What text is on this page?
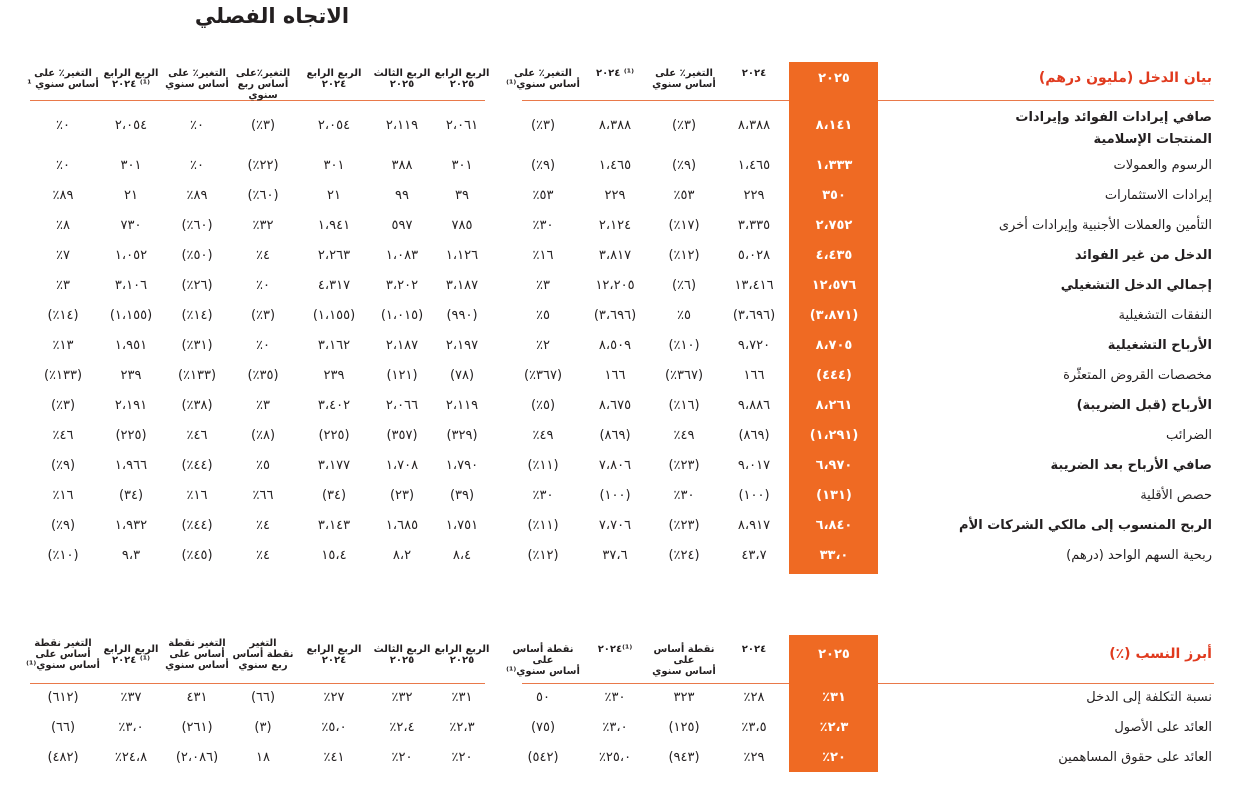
الاتجاه الفصلي
بيان الدخل (مليون درهم)
٢٠٢٥
٢٠٢٤
التغير٪ على
أساس سنوي
٢٠٢٤ ⁽¹⁾
التغير٪ على
أساس سنوي⁽¹⁾
الربع الرابع
٢٠٢٥
الربع الثالث
٢٠٢٥
الربع الرابع
٢٠٢٤
التغير٪على
أساس ربع سنوي
التغير٪ على
أساس سنوي
الربع الرابع
٢٠٢٤ ⁽¹⁾
التغير٪ على
أساس سنوي ¹
صافي إيرادات الفوائد وإيرادات المنتجات الإسلامية
٨،١٤١
٨،٣٨٨
(٪٣)
٨،٣٨٨
(٪٣)
٢،٠٦١
٢،١١٩
٢،٠٥٤
(٪٣)
٪٠
٢،٠٥٤
٪٠
الرسوم والعمولات
١،٣٣٣
١،٤٦٥
(٪٩)
١،٤٦٥
(٪٩)
٣٠١
٣٨٨
٣٠١
(٪٢٢)
٪٠
٣٠١
٪٠
إيرادات الاستثمارات
٣٥٠
٢٢٩
٪٥٣
٢٢٩
٪٥٣
٣٩
٩٩
٢١
(٪٦٠)
٪٨٩
٢١
٪٨٩
التأمين والعملات الأجنبية وإيرادات أخرى
٢،٧٥٢
٣،٣٣٥
(٪١٧)
٢،١٢٤
٪٣٠
٧٨٥
٥٩٧
١،٩٤١
٪٣٢
(٪٦٠)
٧٣٠
٪٨
الدخل من غير الفوائد
٤،٤٣٥
٥،٠٢٨
(٪١٢)
٣،٨١٧
٪١٦
١،١٢٦
١،٠٨٣
٢،٢٦٣
٪٤
(٪٥٠)
١،٠٥٢
٪٧
إجمالي الدخل التشغيلي
١٢،٥٧٦
١٣،٤١٦
(٪٦)
١٢،٢٠٥
٪٣
٣،١٨٧
٣،٢٠٢
٤،٣١٧
٪٠
(٪٢٦)
٣،١٠٦
٪٣
النفقات التشغيلية
(٣،٨٧١)
(٣،٦٩٦)
٪٥
(٣،٦٩٦)
٪٥
(٩٩٠)
(١،٠١٥)
(١،١٥٥)
(٪٣)
(٪١٤)
(١،١٥٥)
(٪١٤)
الأرباح التشغيلية
٨،٧٠٥
٩،٧٢٠
(٪١٠)
٨،٥٠٩
٪٢
٢،١٩٧
٢،١٨٧
٣،١٦٢
٪٠
(٪٣١)
١،٩٥١
٪١٣
مخصصات القروض المتعثّرة
(٤٤٤)
١٦٦
(٪٣٦٧)
١٦٦
(٪٣٦٧)
(٧٨)
(١٢١)
٢٣٩
(٪٣٥)
(٪١٣٣)
٢٣٩
(٪١٣٣)
الأرباح (قبل الضريبة)
٨،٢٦١
٩،٨٨٦
(٪١٦)
٨،٦٧٥
(٪٥)
٢،١١٩
٢،٠٦٦
٣،٤٠٢
٪٣
(٪٣٨)
٢،١٩١
(٪٣)
الضرائب
(١،٢٩١)
(٨٦٩)
٪٤٩
(٨٦٩)
٪٤٩
(٣٢٩)
(٣٥٧)
(٢٢٥)
(٪٨)
٪٤٦
(٢٢٥)
٪٤٦
صافي الأرباح بعد الضريبة
٦،٩٧٠
٩،٠١٧
(٪٢٣)
٧،٨٠٦
(٪١١)
١،٧٩٠
١،٧٠٨
٣،١٧٧
٪٥
(٪٤٤)
١،٩٦٦
(٪٩)
حصص الأقلية
(١٣١)
(١٠٠)
٪٣٠
(١٠٠)
٪٣٠
(٣٩)
(٢٣)
(٣٤)
٪٦٦
٪١٦
(٣٤)
٪١٦
الربح المنسوب إلى مالكي الشركات الأم
٦،٨٤٠
٨،٩١٧
(٪٢٣)
٧،٧٠٦
(٪١١)
١،٧٥١
١،٦٨٥
٣،١٤٣
٪٤
(٪٤٤)
١،٩٣٢
(٪٩)
ربحية السهم الواحد (درهم)
٣٣،٠
٤٣،٧
(٪٢٤)
٣٧،٦
(٪١٢)
٨،٤
٨،٢
١٥،٤
٪٤
(٪٤٥)
٩،٣
(٪١٠)
أبرز النسب (٪)
٢٠٢٥
٢٠٢٤
نقطة أساس على
أساس سنوي
٢٠٢٤⁽¹⁾
نقطة أساس على
أساس سنوي⁽¹⁾
الربع الرابع
٢٠٢٥
الربع الثالث
٢٠٢٥
الربع الرابع
٢٠٢٤
التغير
نقطة أساس
ربع سنوي
التغير نقطة
أساس على
أساس سنوي
الربع الرابع
٢٠٢٤ ⁽¹⁾
التغير نقطة
أساس على
أساس سنوي⁽¹⁾
نسبة التكلفة إلى الدخل
٪٣١
٪٢٨
٣٢٣
٪٣٠
٥٠
٪٣١
٪٣٢
٪٢٧
(٦٦)
٤٣١
٪٣٧
(٦١٢)
العائد على الأصول
٪٢،٣
٪٣،٥
(١٢٥)
٪٣،٠
(٧٥)
٪٢،٣
٪٢،٤
٪٥،٠
(٣)
(٢٦١)
٪٣،٠
(٦٦)
العائد على حقوق المساهمين
٪٢٠
٪٢٩
(٩٤٣)
٪٢٥،٠
(٥٤٢)
٪٢٠
٪٢٠
٪٤١
١٨
(٢،٠٨٦)
٪٢٤،٨
(٤٨٢)
